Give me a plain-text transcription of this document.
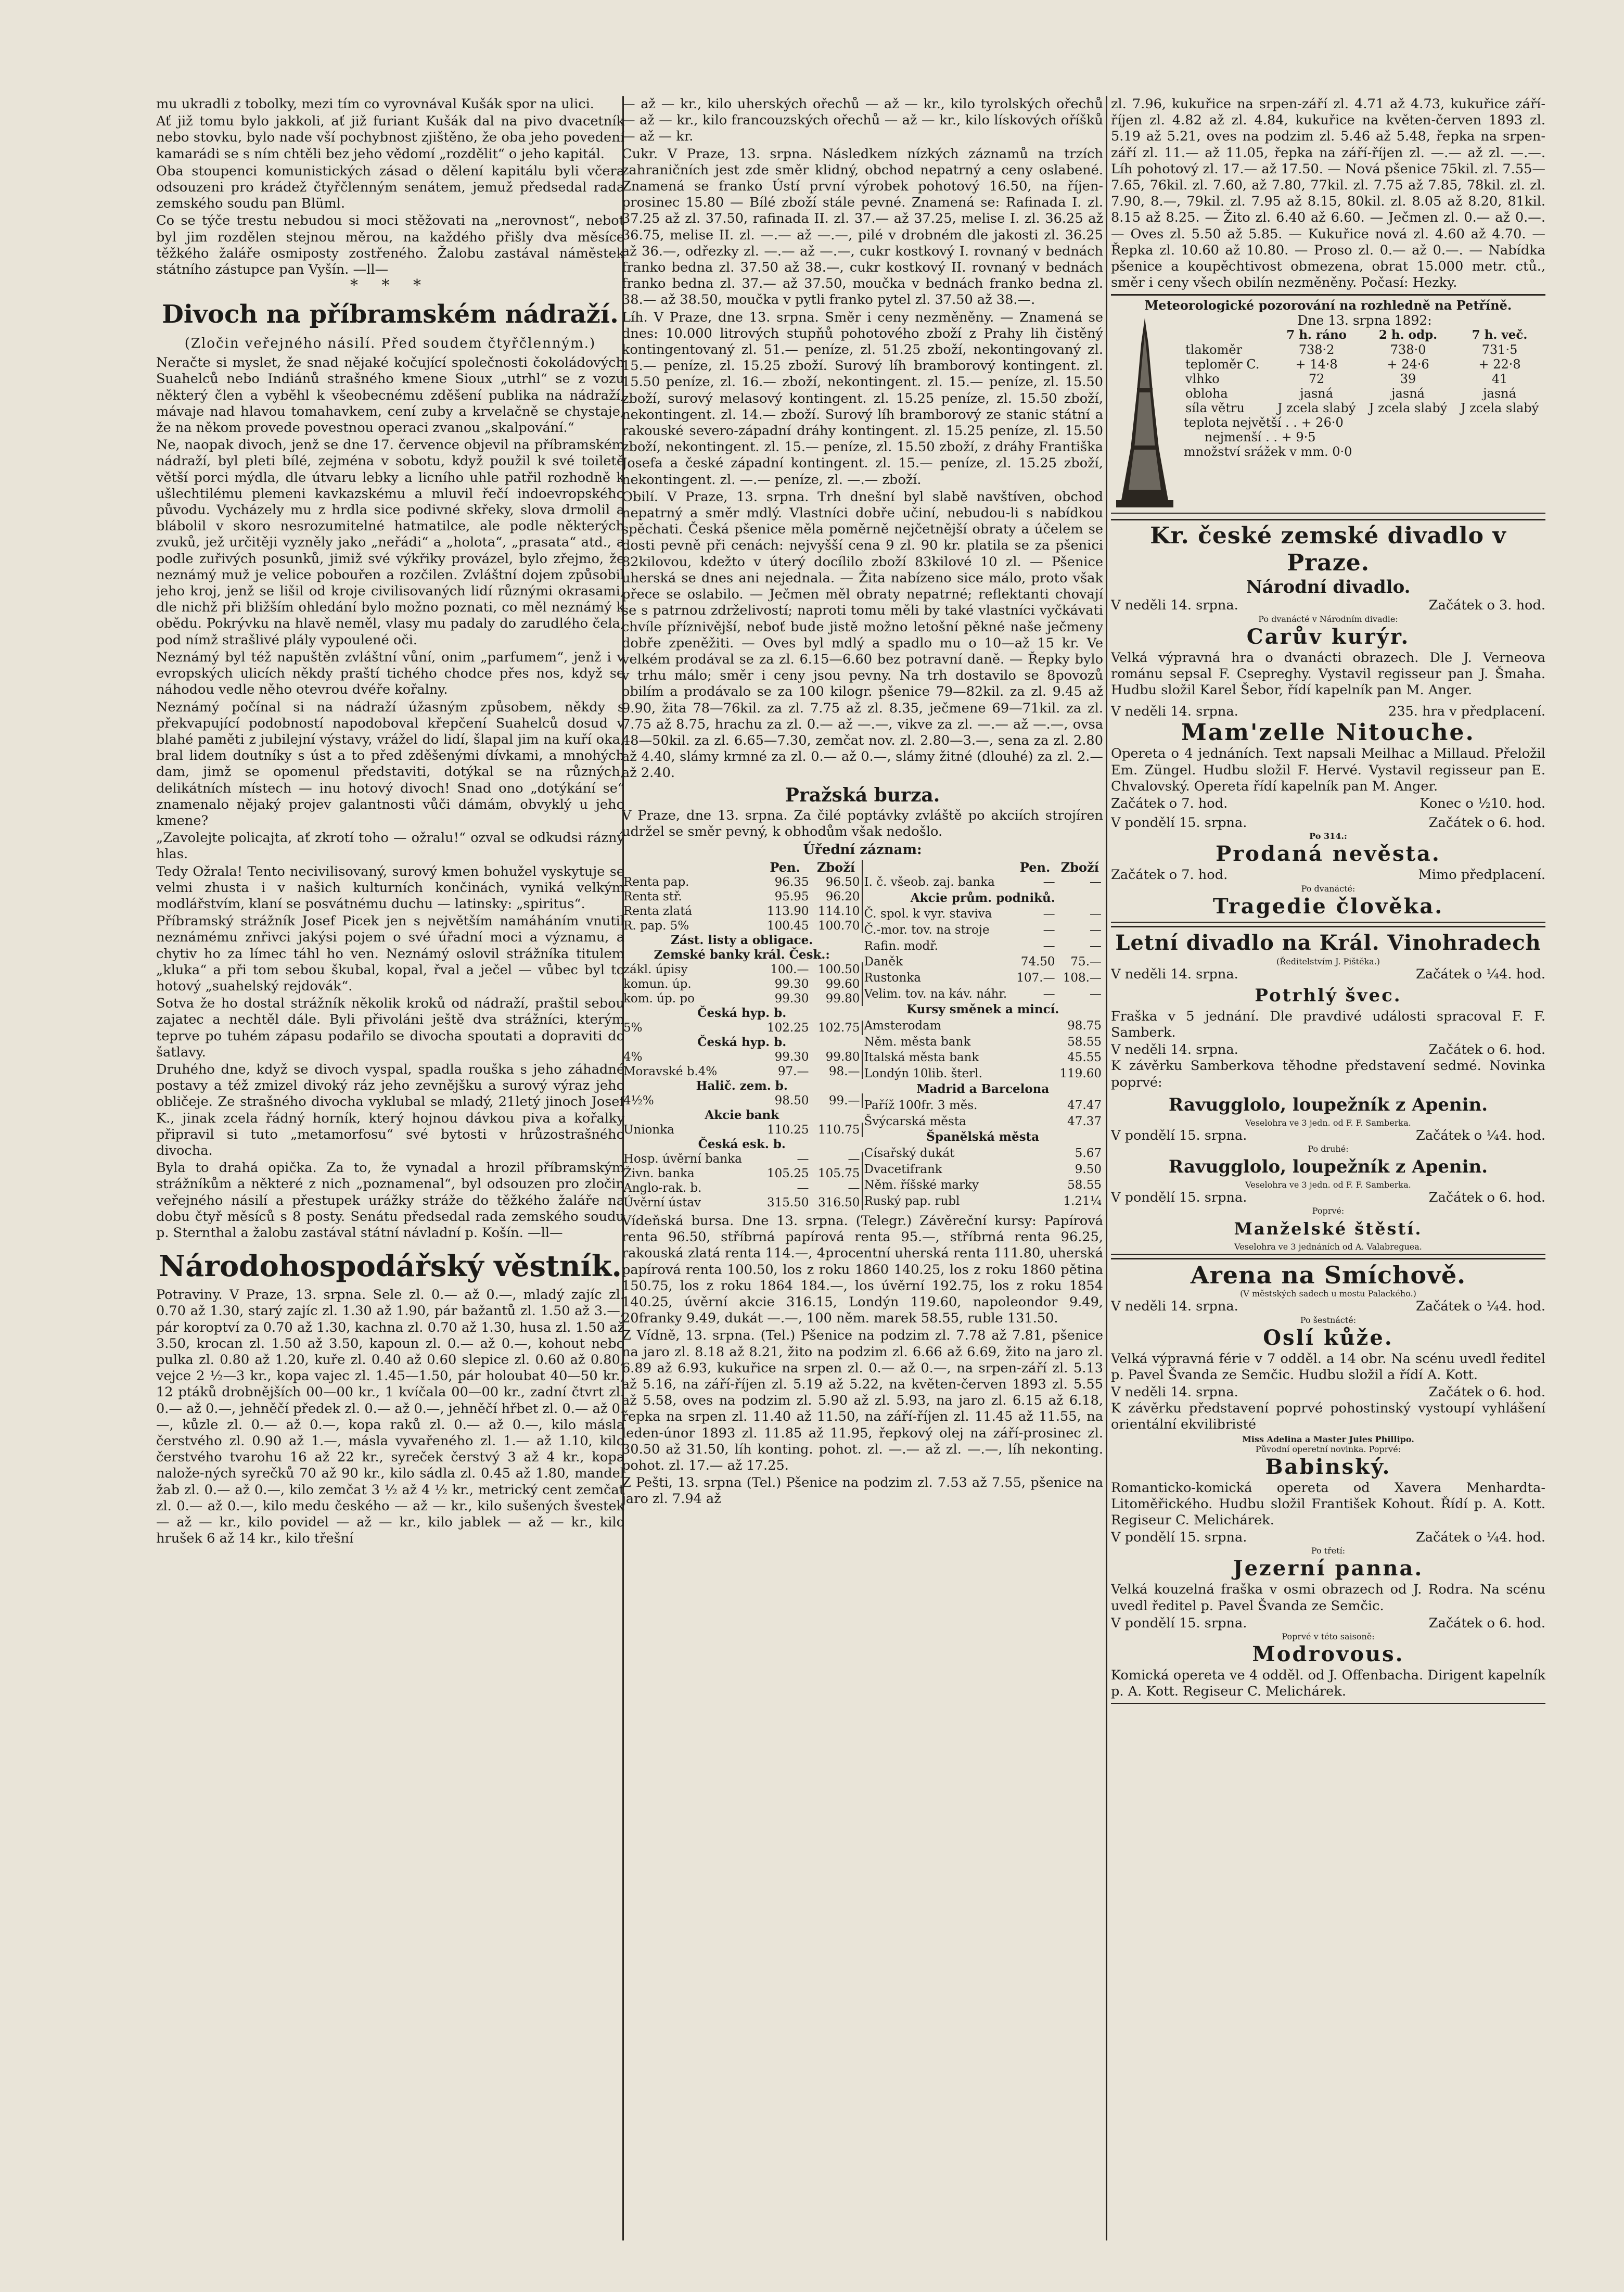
mu ukradli z tobolky, mezi tím co vyrovnával Kušák spor na ulici.

Ať již tomu bylo jakkoli, ať již furiant Kušák dal na pivo dvacetník nebo stovku, bylo nade vší pochybnost zjištěno, že oba jeho povedení kamarádi se s ním chtěli bez jeho vědomí „rozdělit“ o jeho kapitál.

Oba stoupenci komunistických zásad o dělení kapitálu byli včera odsouzeni pro krádež čtyřčlenným senátem, jemuž předsedal rada zemského soudu pan Blüml.

Co se týče trestu nebudou si moci stěžovati na „nerovnost“, neboť byl jim rozdělen stejnou měrou, na každého přišly dva měsíce těžkého žaláře osmiposty zostřeného. Žalobu zastával náměstek státního zástupce pan Vyšín. —ll—

* * *
Divoch na příbramském nádraží.
(Zločin veřejného násilí. Před soudem čtyřčlenným.)

Neračte si myslet, že snad nějaké kočující společnosti čokoládových Suahelců nebo Indiánů strašného kmene Sioux „utrhl“ se z vozu některý člen a vyběhl k všeobecnému zděšení publika na nádraží, mávaje nad hlavou tomahavkem, cení zuby a krvelačně se chystaje, že na někom provede povestnou operaci zvanou „skalpování.“

Ne, naopak divoch, jenž se dne 17. července objevil na příbramském nádraží, byl pleti bílé, zejména v sobotu, když použil k své toiletě větší porci mýdla, dle útvaru lebky a licního uhle patřil rozhodně k ušlechtilému plemeni kavkazskému a mluvil řečí indoevropského původu. Vycházely mu z hrdla sice podivné skřeky, slova drmolil a blábolil v skoro nesrozumitelné hatmatilce, ale podle některých zvuků, jež určitěji vyzněly jako „neřádi“ a „holota“, „prasata“ atd., a podle zuřivých posunků, jimiž své výkřiky provázel, bylo zřejmo, že neznámý muž je velice pobouřen a rozčilen. Zvláštní dojem způsobil jeho kroj, jenž se lišil od kroje civilisovaných lidí různými okrasami, dle nichž při bližším ohledání bylo možno poznati, co měl neznámý k obědu. Pokrývku na hlavě neměl, vlasy mu padaly do zarudlého čela, pod nímž strašlivé plály vypoulené oči.

Neznámý byl též napuštěn zvláštní vůní, onim „parfumem“, jenž i v evropských ulicích někdy praští tichého chodce přes nos, když se náhodou vedle něho otevrou dvéře kořalny.

Neznámý počínal si na nádraží úžasným způsobem, někdy s překvapující podobností napodoboval křepčení Suahelců dosud v blahé paměti z jubilejní výstavy, vrážel do lidí, šlapal jim na kuří oka, bral lidem doutníky s úst a to před zděšenými dívkami, a mnohých dam, jimž se opomenul představiti, dotýkal se na různých, delikátních místech — inu hotový divoch! Snad ono „dotýkání se“ znamenalo nějaký projev galantnosti vůči dámám, obvyklý u jeho kmene?

„Zavolejte policajta, ať zkrotí toho — ožralu!“ ozval se odkudsi rázný hlas.

Tedy Ožrala! Tento necivilisovaný, surový kmen bohužel vyskytuje se velmi zhusta i v našich kulturních končinách, vyniká velkým modlářstvím, klaní se posvátnému duchu — latinsky: „spiritus“.

Příbramský strážník Josef Picek jen s největším namáháním vnutil neznámému znřivci jakýsi pojem o své úřadní moci a významu, a chytiv ho za límec táhl ho ven. Neznámý oslovil strážníka titulem „kluka“ a při tom sebou škubal, kopal, řval a ječel — vůbec byl to hotový „suahelský rejdovák“.

Sotva že ho dostal strážník několik kroků od nádraží, praštil sebou zajatec a nechtěl dále. Byli přivoláni ještě dva strážníci, kterým teprve po tuhém zápasu podařilo se divocha spoutati a dopraviti do šatlavy.

Druhého dne, když se divoch vyspal, spadla rouška s jeho záhadné postavy a též zmizel divoký ráz jeho zevnějšku a surový výraz jeho obličeje. Ze strašného divocha vyklubal se mladý, 21letý jinoch Josef K., jinak zcela řádný horník, který hojnou dávkou piva a kořalky připravil si tuto „metamorfosu“ své bytosti v hrůzostrašného divocha.

Byla to drahá opička. Za to, že vynadal a hrozil příbramským strážníkům a některé z nich „poznamenal“, byl odsouzen pro zločin veřejného násilí a přestupek urážky stráže do těžkého žaláře na dobu čtyř měsíců s 8 posty. Senátu předsedal rada zemského soudu p. Sternthal a žalobu zastával státní návladní p. Košín. —ll—

Národohospodářský věstník.

Potraviny. V Praze, 13. srpna. Sele zl. 0.— až 0.—, mladý zajíc zl. 0.70 až 1.30, starý zajíc zl. 1.30 až 1.90, pár bažantů zl. 1.50 až 3.—, pár koroptví za 0.70 až 1.30, kachna zl. 0.70 až 1.30, husa zl. 1.50 až 3.50, krocan zl. 1.50 až 3.50, kapoun zl. 0.— až 0.—, kohout nebo pulka zl. 0.80 až 1.20, kuře zl. 0.40 až 0.60 slepice zl. 0.60 až 0.80, vejce 2 ½—3 kr., kopa vajec zl. 1.45—1.50, pár holoubat 40—50 kr., 12 ptáků drobnějších 00—00 kr., 1 kvíčala 00—00 kr., zadní čtvrt zl. 0.— až 0.—, jehněčí předek zl. 0.— až 0.—, jehněčí hřbet zl. 0.— až 0.—, kůzle zl. 0.— až 0.—, kopa raků zl. 0.— až 0.—, kilo másla čerstvého zl. 0.90 až 1.—, másla vyvařeného zl. 1.— až 1.10, kilo čerstvého tvarohu 16 až 22 kr., syreček čerstvý 3 až 4 kr., kopa nalože-ných syrečků 70 až 90 kr., kilo sádla zl. 0.45 až 1.80, mandel žab zl. 0.— až 0.—, kilo zemčat 3 ½ až 4 ½ kr., metrický cent zemčat zl. 0.— až 0.—, kilo medu českého — až — kr., kilo sušených švestek — až — kr., kilo povidel — až — kr., kilo jablek — až — kr., kilo hrušek 6 až 14 kr., kilo třešní

— až — kr., kilo uherských ořechů — až — kr., kilo tyrolských ořechů — až — kr., kilo francouzských ořechů — až — kr., kilo lískových oříšků — až — kr.

Cukr. V Praze, 13. srpna. Následkem nízkých záznamů na trzích zahraničních jest zde směr klidný, obchod nepatrný a ceny oslabené. Znamená se franko Ústí první výrobek pohotový 16.50, na říjen-prosinec 15.80 — Bílé zboží stále pevné. Znamená se: Rafinada I. zl. 37.25 až zl. 37.50, rafinada II. zl. 37.— až 37.25, melise I. zl. 36.25 až 36.75, melise II. zl. —.— až —.—, pilé v drobném dle jakosti zl. 36.25 až 36.—, odřezky zl. —.— až —.—, cukr kostkový I. rovnaný v bednách franko bedna zl. 37.50 až 38.—, cukr kostkový II. rovnaný v bednách franko bedna zl. 37.— až 37.50, moučka v bednách franko bedna zl. 38.— až 38.50, moučka v pytli franko pytel zl. 37.50 až 38.—.

Líh. V Praze, dne 13. srpna. Směr i ceny nezměněny. — Znamená se dnes: 10.000 litrových stupňů pohotového zboží z Prahy lih čistěný kontingentovaný zl. 51.— peníze, zl. 51.25 zboží, nekontingovaný zl. 15.— peníze, zl. 15.25 zboží. Surový líh bramborový kontingent. zl. 15.50 peníze, zl. 16.— zboží, nekontingent. zl. 15.— peníze, zl. 15.50 zboží, surový melasový kontingent. zl. 15.25 peníze, zl. 15.50 zboží, nekontingent. zl. 14.— zboží. Surový líh bramborový ze stanic státní a rakouské severo-západní dráhy kontingent. zl. 15.25 peníze, zl. 15.50 zboží, nekontingent. zl. 15.— peníze, zl. 15.50 zboží, z dráhy Františka Josefa a české západní kontingent. zl. 15.— peníze, zl. 15.25 zboží, nekontingent. zl. —.— peníze, zl. —.— zboží.

Obilí. V Praze, 13. srpna. Trh dnešní byl slabě navštíven, obchod nepatrný a směr mdlý. Vlastníci dobře učiní, nebudou-li s nabídkou spěchati. Česká pšenice měla poměrně nejčetnější obraty a účelem se dosti pevně při cenách: nejvyšší cena 9 zl. 90 kr. platila se za pšenici 82kilovou, kdežto v úterý docílilo zboží 83kilové 10 zl. — Pšenice uherská se dnes ani nejednala. — Žita nabízeno sice málo, proto však přece se oslabilo. — Ječmen měl obraty nepatrné; reflektanti chovají se s patrnou zdrželivostí; naproti tomu měli by také vlastníci vyčkávati chvíle příznivější, neboť bude jistě možno letošní pěkné naše ječmeny dobře zpeněžiti. — Oves byl mdlý a spadlo mu o 10—až 15 kr. Ve velkém prodával se za zl. 6.15—6.60 bez potravní daně. — Řepky bylo v trhu málo; směr i ceny jsou pevny. Na trh dostavilo se 8povozů obilím a prodávalo se za 100 kilogr. pšenice 79—82kil. za zl. 9.45 až 9.90, žita 78—76kil. za zl. 7.75 až zl. 8.35, ječmene 69—71kil. za zl. 7.75 až 8.75, hrachu za zl. 0.— až —.—, vikve za zl. —.— až —.—, ovsa 48—50kil. za zl. 6.65—7.30, zemčat nov. zl. 2.80—3.—, sena za zl. 2.80 až 4.40, slámy krmné za zl. 0.— až 0.—, slámy žitné (dlouhé) za zl. 2.— až 2.40.

Pražská burza.

V Praze, dne 13. srpna. Za čilé poptávky zvláště po akciích strojíren udržel se směr pevný, k obhodům však nedošlo.

Úřední záznam:
	Pen.	Zboží
Renta pap.	96.35	96.50
Renta stř.	95.95	96.20
Renta zlatá	113.90	114.10
R. pap. 5%	100.45	100.70
Zást. listy a obligace.		
Zemské banky král. Česk.:		
zákl. úpisy	100.—	100.50
komun. úp.	99.30	99.60
kom. úp. po	99.30	99.80
Česká hyp. b.		
5%	102.25	102.75
Česká hyp. b.		
4%	99.30	99.80
Moravské b.4%	97.—	98.—
Halič. zem. b.		
4½%	98.50	99.—
Akcie bank		
Unionka	110.25	110.75
Česká esk. b.		
Hosp. úvěrní banka	—	—
Živn. banka	105.25	105.75
Anglo-rak. b.	—	—
Úvěrní ústav	315.50	316.50
	Pen.	Zboží
I. č. všeob. zaj. banka	—	—
Akcie prům. podniků.		
Č. spol. k vyr. staviva	—	—
Č.-mor. tov. na stroje	—	—
Rafin. modř.	—	—
Daněk	74.50	75.—
Rustonka	107.—	108.—
Velim. tov. na káv. náhr.	—	—
Kursy směnek a mincí.		
Amsterodam		98.75
Něm. města bank		58.55
Italská města bank		45.55
Londýn 10lib. šterl.		119.60
Madrid a Barcelona		
Paříž 100fr. 3 měs.		47.47
Švýcarská města		47.37
Španělská města		
Císařský dukát		5.67
Dvacetifrank		9.50
Něm. říšské marky		58.55
Ruský pap. rubl		1.21¼

Vídeňská bursa. Dne 13. srpna. (Telegr.) Závěreční kursy: Papírová renta 96.50, stříbrná papírová renta 95.—, stříbrná renta 96.25, rakouská zlatá renta 114.—, 4procentní uherská renta 111.80, uherská papírová renta 100.50, los z roku 1860 140.25, los z roku 1860 pětina 150.75, los z roku 1864 184.—, los úvěrní 192.75, los z roku 1854 140.25, úvěrní akcie 316.15, Londýn 119.60, napoleondor 9.49, 20franky 9.49, dukát —.—, 100 něm. marek 58.55, ruble 131.50.

Z Vídně, 13. srpna. (Tel.) Pšenice na podzim zl. 7.78 až 7.81, pšenice na jaro zl. 8.18 až 8.21, žito na podzim zl. 6.66 až 6.69, žito na jaro zl. 6.89 až 6.93, kukuřice na srpen zl. 0.— až 0.—, na srpen-září zl. 5.13 až 5.16, na září-říjen zl. 5.19 až 5.22, na květen-červen 1893 zl. 5.55 až 5.58, oves na podzim zl. 5.90 až zl. 5.93, na jaro zl. 6.15 až 6.18, řepka na srpen zl. 11.40 až 11.50, na září-říjen zl. 11.45 až 11.55, na leden-únor 1893 zl. 11.85 až 11.95, řepkový olej na září-prosinec zl. 30.50 až 31.50, líh konting. pohot. zl. —.— až zl. —.—, líh nekonting. pohot. zl. 17.— až 17.25.

Z Pešti, 13. srpna (Tel.) Pšenice na podzim zl. 7.53 až 7.55, pšenice na jaro zl. 7.94 až

zl. 7.96, kukuřice na srpen-září zl. 4.71 až 4.73, kukuřice září-říjen zl. 4.82 až zl. 4.84, kukuřice na květen-červen 1893 zl. 5.19 až 5.21, oves na podzim zl. 5.46 až 5.48, řepka na srpen-září zl. 11.— až 11.05, řepka na září-říjen zl. —.— až zl. —.—. Líh pohotový zl. 17.— až 17.50. — Nová pšenice 75kil. zl. 7.55—7.65, 76kil. zl. 7.60, až 7.80, 77kil. zl. 7.75 až 7.85, 78kil. zl. zl. 7.90, 8.—, 79kil. zl. 7.95 až 8.15, 80kil. zl. 8.05 až 8.20, 81kil. 8.15 až 8.25. — Žito zl. 6.40 až 6.60. — Ječmen zl. 0.— až 0.—. — Oves zl. 5.50 až 5.85. — Kukuřice nová zl. 4.60 až 4.70. — Řepka zl. 10.60 až 10.80. — Proso zl. 0.— až 0.—. — Nabídka pšenice a koupěchtivost obmezena, obrat 15.000 metr. ctů., směr i ceny všech obilín nezměněny. Počasí: Hezky.

Meteorologické pozorování na rozhledně na Petříně.
Dne 13. srpna 1892:
	7 h. ráno	2 h. odp.	7 h. več.
tlakoměr	738·2	738·0	731·5
teploměr C.	+ 14·8	+ 24·6	+ 22·8
vlhko	72	39	41
obloha	jasná	jasná	jasná
síla větru	J zcela slabý	J zcela slabý	J zcela slabý
teplota největší . . + 26·0
nejmenší . . + 9·5
množství srážek v mm. 0·0
Kr. české zemské divadlo v Praze.
Národní divadlo.
V neděli 14. srpna.	Začátek o 3. hod.
Po dvanácté v Národním divadle:
Carův kurýr.

Velká výpravná hra o dvanácti obrazech. Dle J. Verneova románu sepsal F. Csepreghy. Vystavil regisseur pan J. Šmaha. Hudbu složil Karel Šebor, řídí kapelník pan M. Anger.

V neděli 14. srpna.	235. hra v předplacení.
Mam'zelle Nitouche.

Opereta o 4 jednáních. Text napsali Meilhac a Millaud. Přeložil Em. Züngel. Hudbu složil F. Hervé. Vystavil regisseur pan E. Chvalovský. Opereta řídí kapelník pan M. Anger.

Začátek o 7. hod.	Konec o ½10. hod.
V pondělí 15. srpna.	Začátek o 6. hod.
Po 314.:
Prodaná nevěsta.
Začátek o 7. hod.	Mimo předplacení.
Po dvanácté:
Tragedie člověka.
Letní divadlo na Král. Vinohradech
(Ředitelstvím J. Pištěka.)
V neděli 14. srpna.	Začátek o ¼4. hod.
Potrhlý švec.

Fraška v 5 jednání. Dle pravdivé události spracoval F. F. Samberk.

V neděli 14. srpna.	Začátek o 6. hod.

K závěrku Samberkova těhodne představení sedmé. Novinka poprvé:

Ravugglolo, loupežník z Apenin.
Veselohra ve 3 jedn. od F. F. Samberka.
V pondělí 15. srpna.	Začátek o ¼4. hod.
Po druhé:
Ravugglolo, loupežník z Apenin.
Veselohra ve 3 jedn. od F. F. Samberka.
V pondělí 15. srpna.	Začátek o 6. hod.
Poprvé:
Manželské štěstí.
Veselohra ve 3 jednáních od A. Valabreguea.
Arena na Smíchově.
(V městských sadech u mostu Palackého.)
V neděli 14. srpna.	Začátek o ¼4. hod.
Po šestnácté:
Oslí kůže.

Velká výpravná férie v 7 odděl. a 14 obr. Na scénu uvedl ředitel p. Pavel Švanda ze Semčic. Hudbu složil a řídí A. Kott.

V neděli 14. srpna.	Začátek o 6. hod.

K závěrku představení poprvé pohostinský vystoupí vyhlášení orientální ekvilibristé

Miss Adelina a Master Jules Phillipo.
Původní operetní novinka. Poprvé:
Babinský.

Romanticko-komická opereta od Xavera Menhardta-Litoměřického. Hudbu složil František Kohout. Řídí p. A. Kott. Regiseur C. Melichárek.

V pondělí 15. srpna.	Začátek o ¼4. hod.
Po třetí:
Jezerní panna.

Velká kouzelná fraška v osmi obrazech od J. Rodra. Na scénu uvedl ředitel p. Pavel Švanda ze Semčic.

V pondělí 15. srpna.	Začátek o 6. hod.
Poprvé v této saisoně:
Modrovous.

Komická opereta ve 4 odděl. od J. Offenbacha. Dirigent kapelník p. A. Kott. Regiseur C. Melichárek.
